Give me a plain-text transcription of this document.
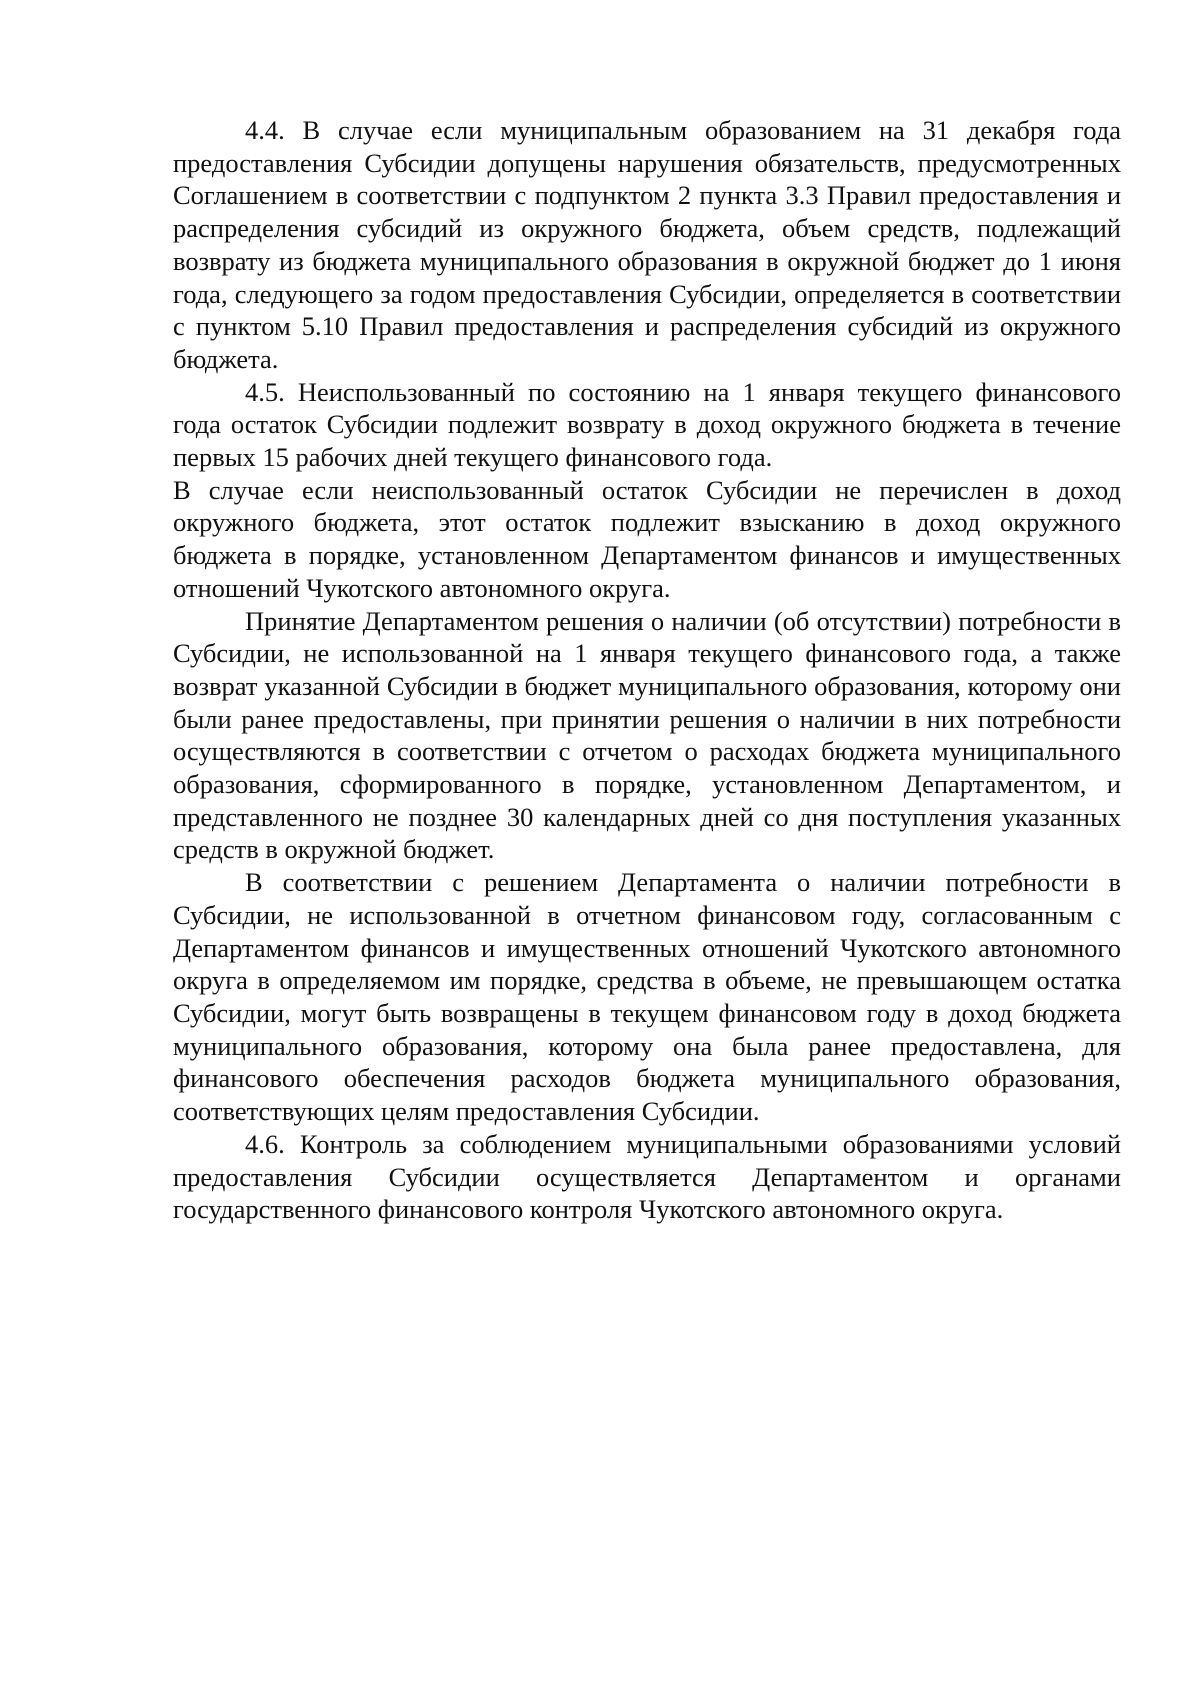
4.4. В случае если муниципальным образованием на 31 декабря года предоставления Субсидии допущены нарушения обязательств, предусмотренных Соглашением в соответствии с подпунктом 2 пункта 3.3 Правил предоставления и распределения субсидий из окружного бюджета, объем средств, подлежащий возврату из бюджета муниципального образования в окружной бюджет до 1 июня года, следующего за годом предоставления Субсидии, определяется в соответствии с пунктом 5.10 Правил предоставления и распределения субсидий из окружного бюджета.

4.5. Неиспользованный по состоянию на 1 января текущего финансового года остаток Субсидии подлежит возврату в доход окружного бюджета в течение первых 15 рабочих дней текущего финансового года.

В случае если неиспользованный остаток Субсидии не перечислен в доход окружного бюджета, этот остаток подлежит взысканию в доход окружного бюджета в порядке, установленном Департаментом финансов и имущественных отношений Чукотского автономного округа.

Принятие Департаментом решения о наличии (об отсутствии) потребности в Субсидии, не использованной на 1 января текущего финансового года, а также возврат указанной Субсидии в бюджет муниципального образования, которому они были ранее предоставлены, при принятии решения о наличии в них потребности осуществляются в соответствии с отчетом о расходах бюджета муниципального образования, сформированного в порядке, установленном Департаментом, и представленного не позднее 30 календарных дней со дня поступления указанных средств в окружной бюджет.

В соответствии с решением Департамента о наличии потребности в Субсидии, не использованной в отчетном финансовом году, согласованным с Департаментом финансов и имущественных отношений Чукотского автономного округа в определяемом им порядке, средства в объеме, не превышающем остатка Субсидии, могут быть возвращены в текущем финансовом году в доход бюджета муниципального образования, которому она была ранее предоставлена, для финансового обеспечения расходов бюджета муниципального образования, соответствующих целям предоставления Субсидии.

4.6. Контроль за соблюдением муниципальными образованиями условий предоставления Субсидии осуществляется Департаментом и органами государственного финансового контроля Чукотского автономного округа.
